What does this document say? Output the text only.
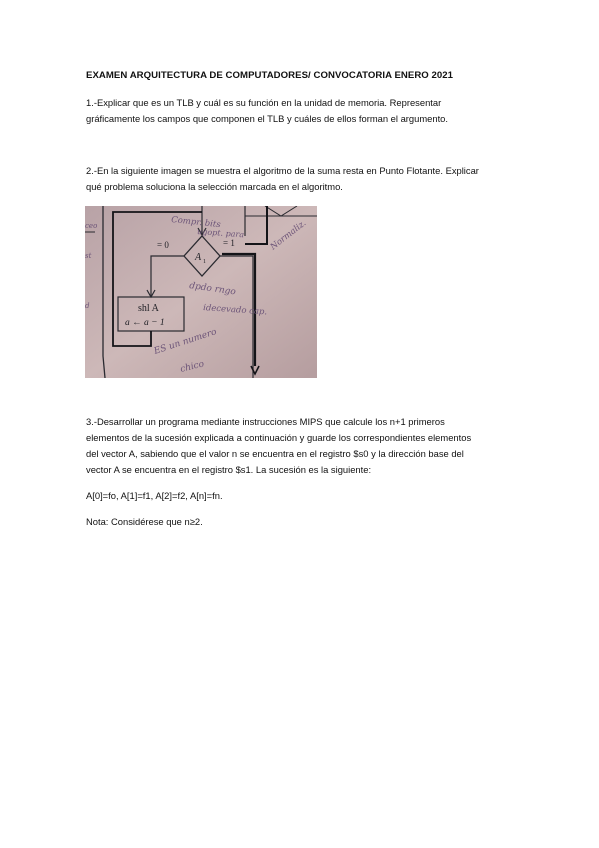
EXAMEN ARQUITECTURA DE COMPUTADORES/ CONVOCATORIA ENERO 2021
1.-Explicar que es un TLB y cuál es su función en la unidad de memoria. Representar
gráficamente los campos que componen el TLB y cuáles de ellos forman el argumento.
2.-En la siguiente imagen se muestra el algoritmo de la suma resta en Punto Flotante. Explicar
qué problema soluciona la selección marcada en el algoritmo.
A 1
= 0	= 1
shl A
a ← a − 1
Compr. bits
ugopt. para
dpdo rngo
Normaliz.
idecevado cap.
ES un numero
chico
ceo
st
d
3.-Desarrollar un programa mediante instrucciones MIPS que calcule los n+1 primeros
elementos de la sucesión explicada a continuación y guarde los correspondientes elementos
del vector A, sabiendo que el valor n se encuentra en el registro $s0 y la dirección base del
vector A se encuentra en el registro $s1. La sucesión es la siguiente:
A[0]=fo, A[1]=f1, A[2]=f2, A[n]=fn.
Nota: Considérese que n≥2.
